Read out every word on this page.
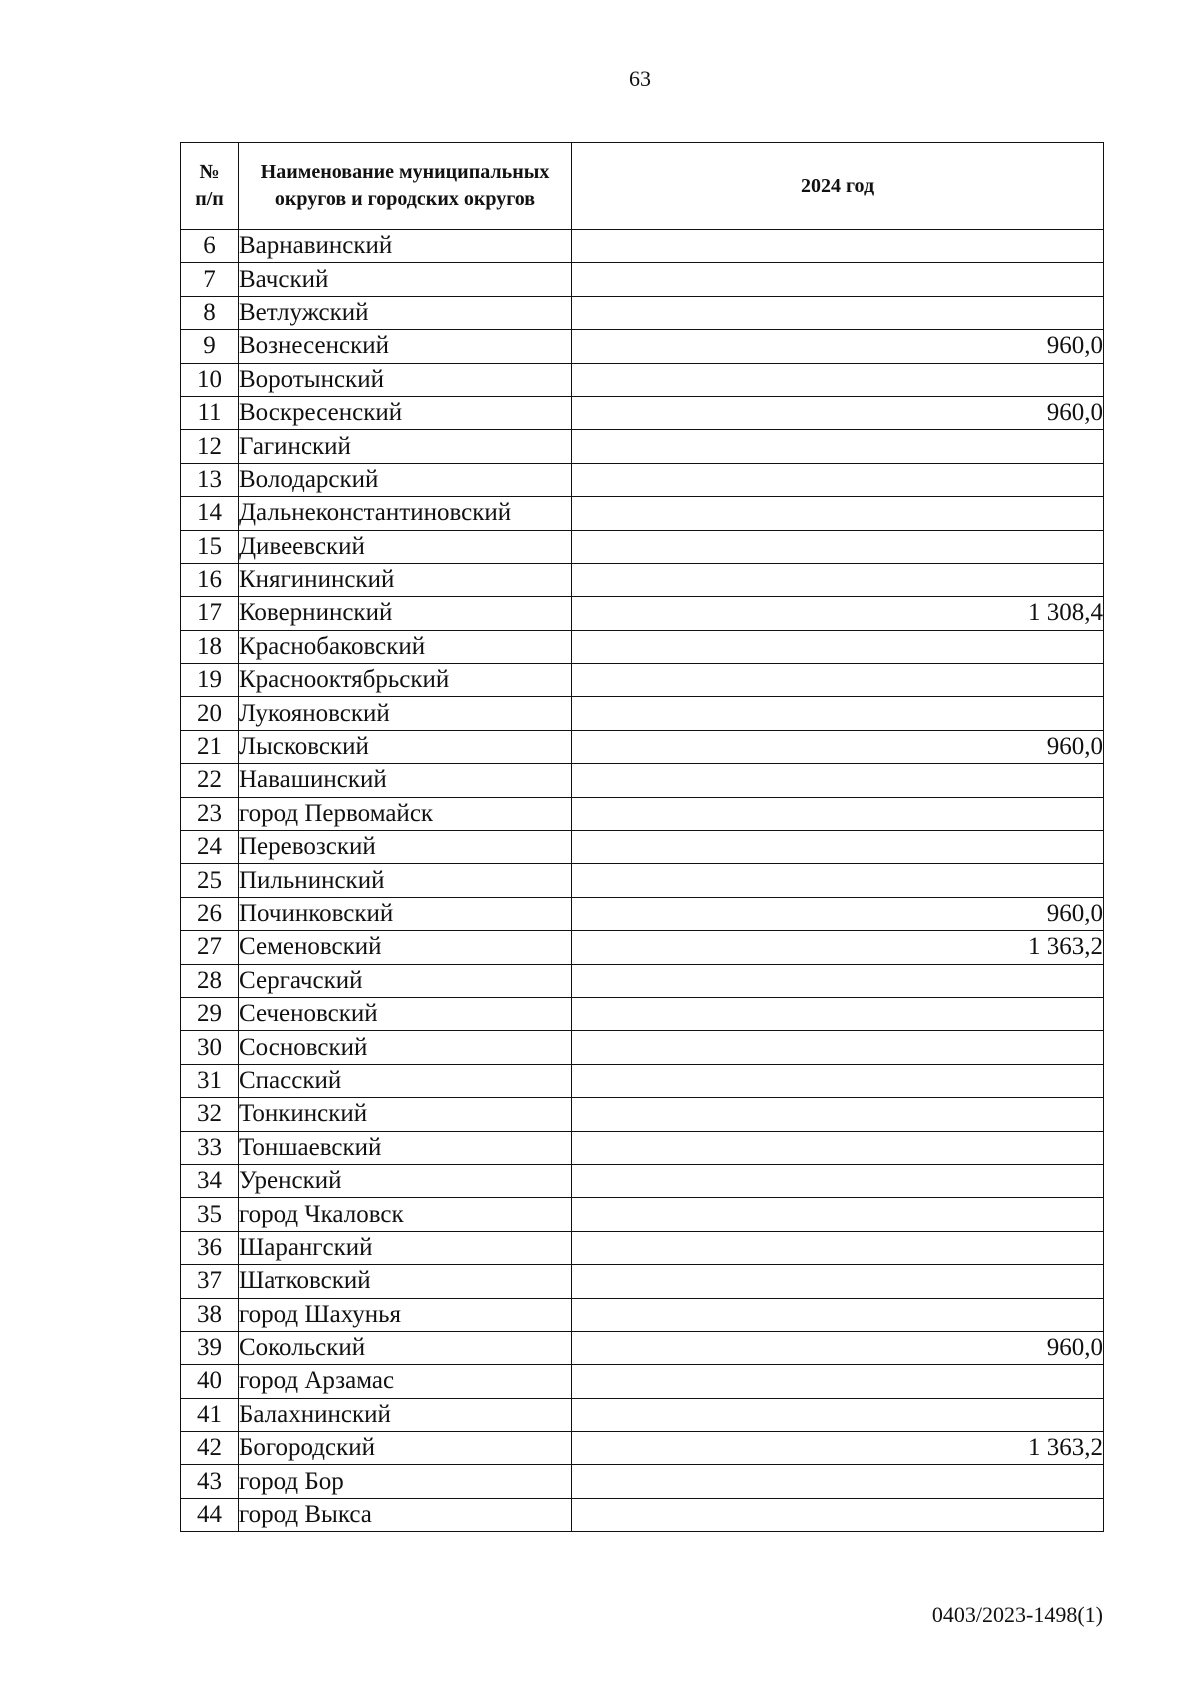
63
№ п/п	Наименование муниципальных округов и городских округов	2024 год
6	Варнавинский	
7	Вачский	
8	Ветлужский	
9	Вознесенский	960,0
10	Воротынский	
11	Воскресенский	960,0
12	Гагинский	
13	Володарский	
14	Дальнеконстантиновский	
15	Дивеевский	
16	Княгининский	
17	Ковернинский	1 308,4
18	Краснобаковский	
19	Краснооктябрьский	
20	Лукояновский	
21	Лысковский	960,0
22	Навашинский	
23	город Первомайск	
24	Перевозский	
25	Пильнинский	
26	Починковский	960,0
27	Семеновский	1 363,2
28	Сергачский	
29	Сеченовский	
30	Сосновский	
31	Спасский	
32	Тонкинский	
33	Тоншаевский	
34	Уренский	
35	город Чкаловск	
36	Шарангский	
37	Шатковский	
38	город Шахунья	
39	Сокольский	960,0
40	город Арзамас	
41	Балахнинский	
42	Богородский	1 363,2
43	город Бор	
44	город Выкса	
0403/2023-1498(1)
